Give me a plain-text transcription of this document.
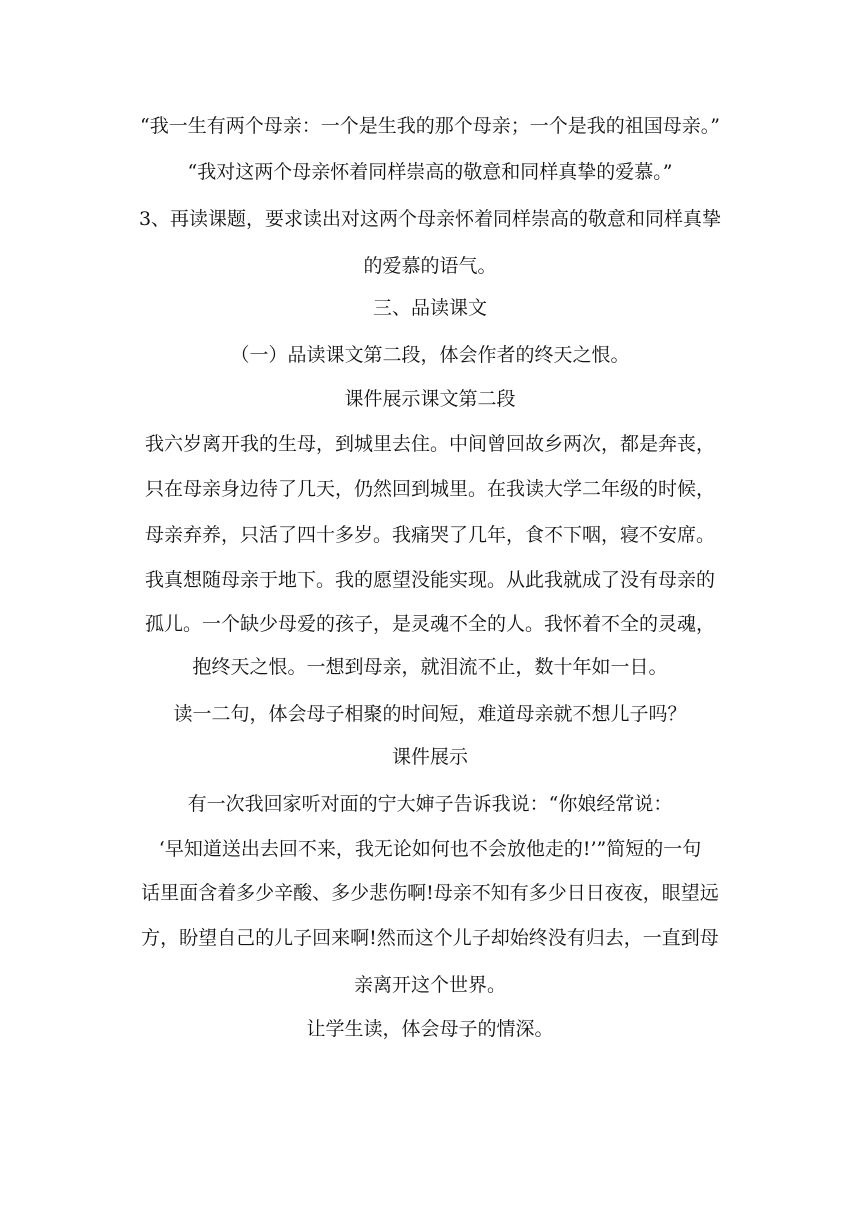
“我一生有两个母亲：一个是生我的那个母亲；一个是我的祖国母亲。”
“我对这两个母亲怀着同样崇高的敬意和同样真挚的爱慕。”
3、再读课题，要求读出对这两个母亲怀着同样崇高的敬意和同样真挚
的爱慕的语气。
三、品读课文
（一）品读课文第二段，体会作者的终天之恨。
课件展示课文第二段
我六岁离开我的生母，到城里去住。中间曾回故乡两次，都是奔丧，
只在母亲身边待了几天，仍然回到城里。在我读大学二年级的时候，
母亲弃养，只活了四十多岁。我痛哭了几年，食不下咽，寝不安席。
我真想随母亲于地下。我的愿望没能实现。从此我就成了没有母亲的
孤儿。一个缺少母爱的孩子，是灵魂不全的人。我怀着不全的灵魂，
抱终天之恨。一想到母亲，就泪流不止，数十年如一日。
读一二句，体会母子相聚的时间短，难道母亲就不想儿子吗？
课件展示
有一次我回家听对面的宁大婶子告诉我说：“你娘经常说：
‘早知道送出去回不来，我无论如何也不会放他走的!’”简短的一句
话里面含着多少辛酸、多少悲伤啊!母亲不知有多少日日夜夜，眼望远
方，盼望自己的儿子回来啊!然而这个儿子却始终没有归去，一直到母
亲离开这个世界。
让学生读，体会母子的情深。
